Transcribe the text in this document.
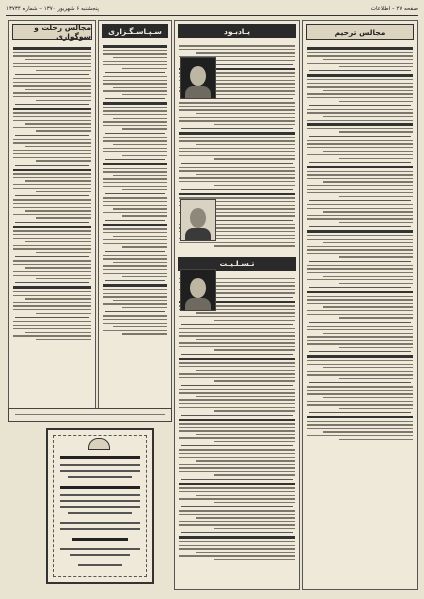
صفحه ۲۷ – اطلاعات
پنجشنبه ۶ شهریور ۱۳۷۰ – شماره ۱۳۷۳۴
مجالس ترحیم
یـادبـود
تـسـلـیـت
سـپـاسـگـزاری
مجالس رحلت و سوگواری
